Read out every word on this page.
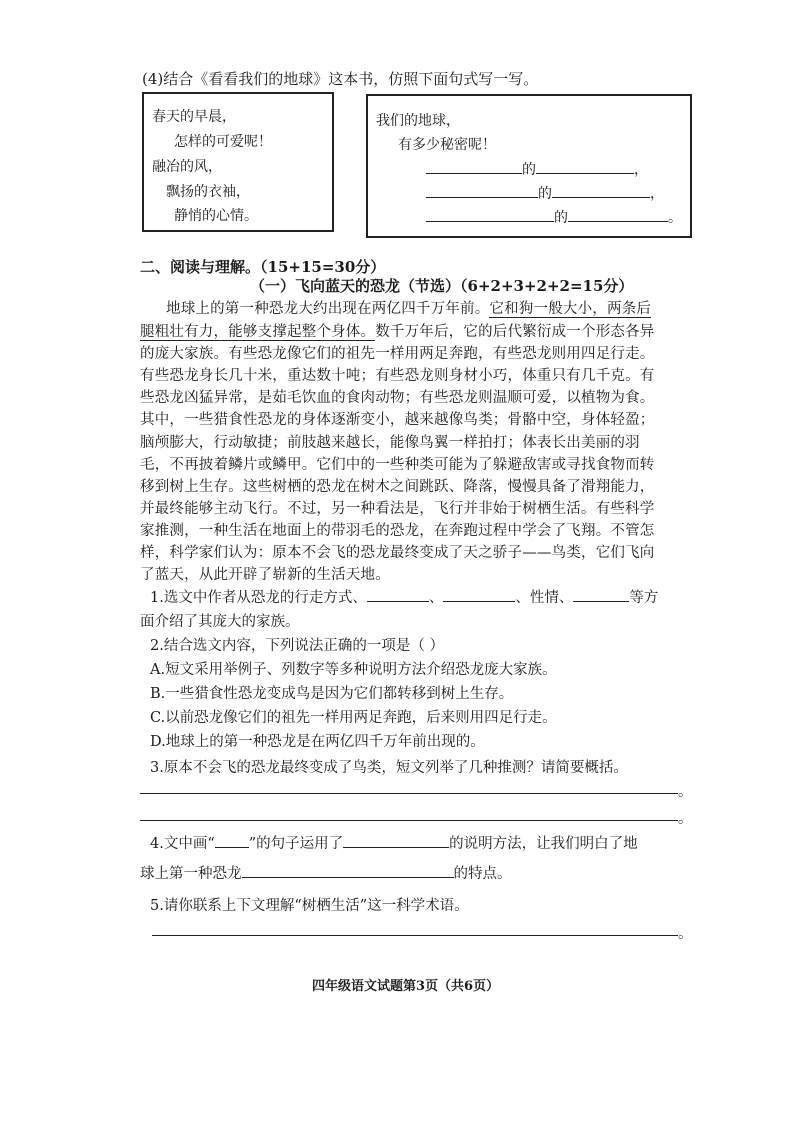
(4)结合《看看我们的地球》这本书，仿照下面句式写一写。
春天的早晨，
怎样的可爱呢！
融冶的风，
飘扬的衣袖，
静悄的心情。
我们的地球，
有多少秘密呢！
的	，
的	，
的	。
二、阅读与理解。（15+15=30分）
（一）飞向蓝天的恐龙（节选）（6+2+3+2+2=15分）
地球上的第一种恐龙大约出现在两亿四千万年前。它和狗一般大小，两条后
腿粗壮有力，能够支撑起整个身体。数千万年后，它的后代繁衍成一个形态各异
的庞大家族。有些恐龙像它们的祖先一样用两足奔跑，有些恐龙则用四足行走。
有些恐龙身长几十米，重达数十吨；有些恐龙则身材小巧，体重只有几千克。有
些恐龙凶猛异常，是茹毛饮血的食肉动物；有些恐龙则温顺可爱，以植物为食。
其中，一些猎食性恐龙的身体逐渐变小，越来越像鸟类；骨骼中空，身体轻盈；
脑颅膨大，行动敏捷；前肢越来越长，能像鸟翼一样拍打；体表长出美丽的羽
毛，不再披着鳞片或鳞甲。它们中的一些种类可能为了躲避敌害或寻找食物而转
移到树上生存。这些树栖的恐龙在树木之间跳跃、降落，慢慢具备了滑翔能力，
并最终能够主动飞行。不过，另一种看法是，飞行并非始于树栖生活。有些科学
家推测，一种生活在地面上的带羽毛的恐龙，在奔跑过程中学会了飞翔。不管怎
样，科学家们认为：原本不会飞的恐龙最终变成了天之骄子——鸟类，它们飞向
了蓝天，从此开辟了崭新的生活天地。
1.选文中作者从恐龙的行走方式、	、	、性情、	等方
面介绍了其庞大的家族。
2.结合选文内容，下列说法正确的一项是（ ）
A.短文采用举例子、列数字等多种说明方法介绍恐龙庞大家族。
B.一些猎食性恐龙变成鸟是因为它们都转移到树上生存。
C.以前恐龙像它们的祖先一样用两足奔跑，后来则用四足行走。
D.地球上的第一种恐龙是在两亿四千万年前出现的。
3.原本不会飞的恐龙最终变成了鸟类，短文列举了几种推测？请简要概括。
。
。
4.文中画“ ”的句子运用了	的说明方法，让我们明白了地
球上第一种恐龙	的特点。
5.请你联系上下文理解“树栖生活”这一科学术语。
。
四年级语文试题第3页（共6页）
